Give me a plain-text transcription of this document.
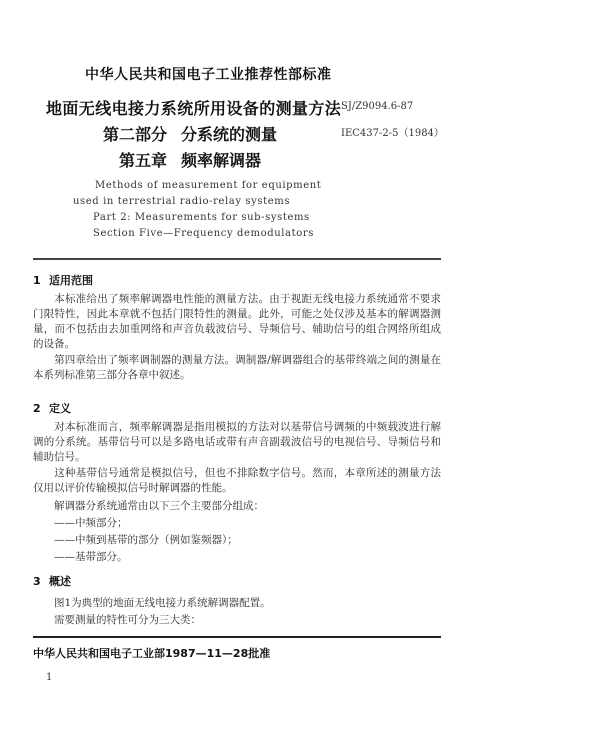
中华人民共和国电子工业推荐性部标准
地面无线电接力系统所用设备的测量方法 SJ/Z9094.6-87
第二部分 分系统的测量	IEC437-2-5（1984）
第五章 频率解调器
Methods of measurement for equipment
used in terrestrial radio-relay systems
Part 2: Measurements for sub-systems
Section Five—Frequency demodulators
1 适用范围
本标准给出了频率解调器电性能的测量方法。由于视距无线电接力系统通常不要求门限特性，因此本章就不包括门限特性的测量。此外，可能之处仅涉及基本的解调器测量，而不包括由去加重网络和声音负载波信号、导频信号、辅助信号的组合网络所组成的设备。
第四章给出了频率调制器的测量方法。调制器/解调器组合的基带终端之间的测量在本系列标准第三部分各章中叙述。
2 定义
对本标准而言，频率解调器是指用模拟的方法对以基带信号调频的中频载波进行解调的分系统。基带信号可以是多路电话或带有声音副载波信号的电视信号、导频信号和辅助信号。
这种基带信号通常是模拟信号，但也不排除数字信号。然而，本章所述的测量方法仅用以评价传输模拟信号时解调器的性能。
解调器分系统通常由以下三个主要部分组成：
——中频部分；
——中频到基带的部分（例如鉴频器）；
——基带部分。
3 概述
图1为典型的地面无线电接力系统解调器配置。
需要测量的特性可分为三大类：
中华人民共和国电子工业部1987—11—28批准
1
